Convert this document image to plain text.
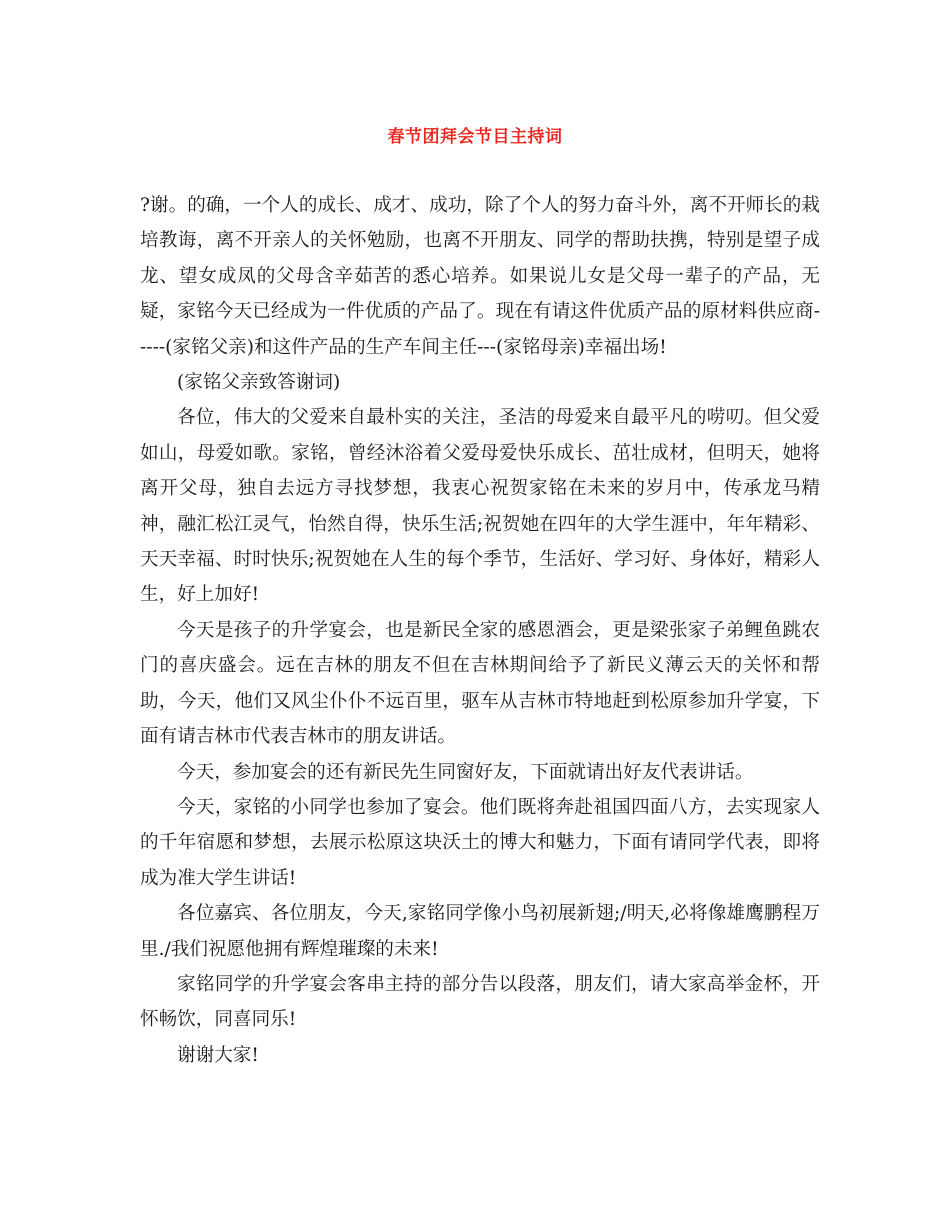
春节团拜会节目主持词

?谢。的确，一个人的成长、成才、成功，除了个人的努力奋斗外，离不开师长的栽培教诲，离不开亲人的关怀勉励，也离不开朋友、同学的帮助扶携，特别是望子成龙、望女成凤的父母含辛茹苦的悉心培养。如果说儿女是父母一辈子的产品，无疑，家铭今天已经成为一件优质的产品了。现在有请这件优质产品的原材料供应商-----(家铭父亲)和这件产品的生产车间主任---(家铭母亲)幸福出场!

(家铭父亲致答谢词)

各位，伟大的父爱来自最朴实的关注，圣洁的母爱来自最平凡的唠叨。但父爱如山，母爱如歌。家铭，曾经沐浴着父爱母爱快乐成长、茁壮成材，但明天，她将离开父母，独自去远方寻找梦想，我衷心祝贺家铭在未来的岁月中，传承龙马精神，融汇松江灵气，怡然自得，快乐生活;祝贺她在四年的大学生涯中，年年精彩、天天幸福、时时快乐;祝贺她在人生的每个季节，生活好、学习好、身体好，精彩人生，好上加好!

今天是孩子的升学宴会，也是新民全家的感恩酒会，更是梁张家子弟鲤鱼跳农门的喜庆盛会。远在吉林的朋友不但在吉林期间给予了新民义薄云天的关怀和帮助，今天，他们又风尘仆仆不远百里，驱车从吉林市特地赶到松原参加升学宴，下面有请吉林市代表吉林市的朋友讲话。

今天，参加宴会的还有新民先生同窗好友，下面就请出好友代表讲话。

今天，家铭的小同学也参加了宴会。他们既将奔赴祖国四面八方，去实现家人的千年宿愿和梦想，去展示松原这块沃土的博大和魅力，下面有请同学代表，即将成为准大学生讲话!

各位嘉宾、各位朋友，今天,家铭同学像小鸟初展新翅;/明天,必将像雄鹰鹏程万里./我们祝愿他拥有辉煌璀璨的未来!

家铭同学的升学宴会客串主持的部分告以段落，朋友们，请大家高举金杯，开怀畅饮，同喜同乐!

谢谢大家!
